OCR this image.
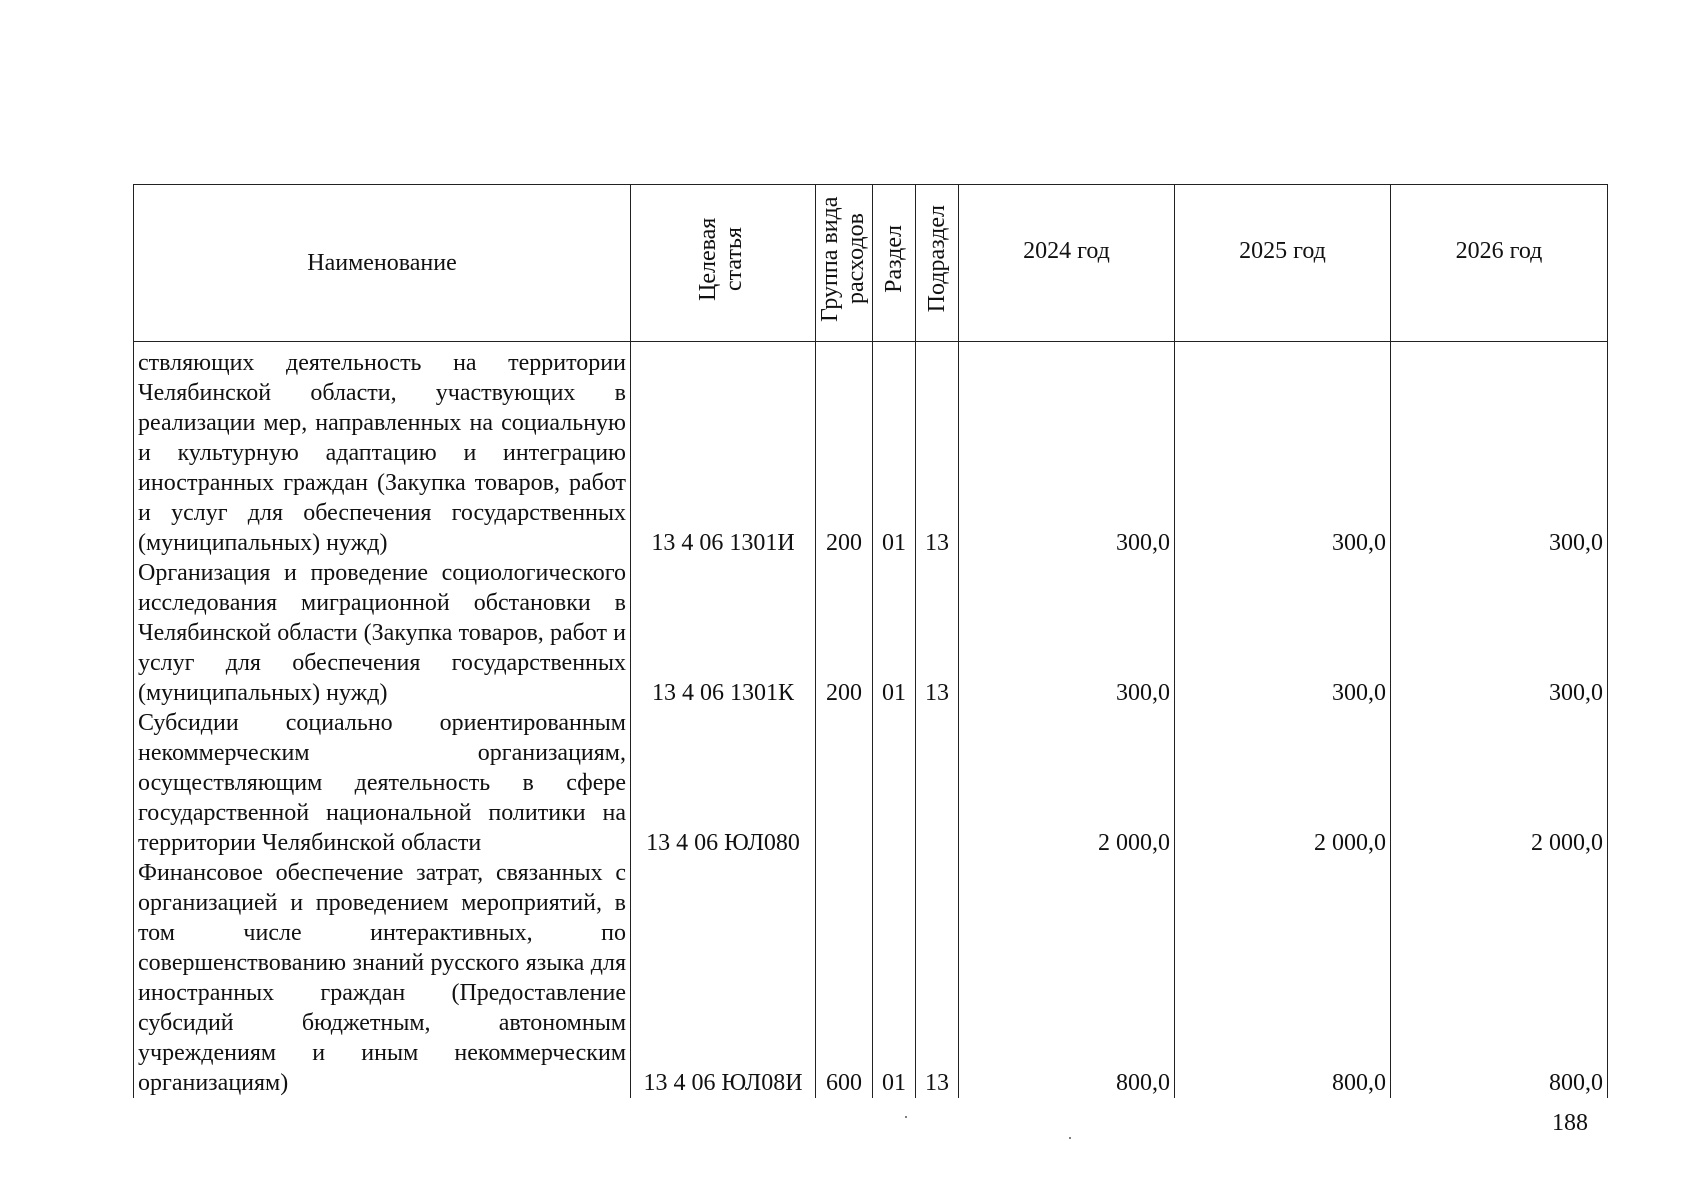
Наименование	Целевая статья	Группа вида расходов	Раздел	Подраздел	2024 год	2025 год	2026 год
ствляющих деятельность на территории Челябинской области, участвующих в реализации мер, направленных на социальную и культурную адаптацию и интеграцию иностранных граждан (Закупка товаров, работ и услуг для обеспечения государственных (муниципальных) нужд)	13 4 06 1301И	200	01	13	300,0	300,0	300,0
Организация и проведение социологического исследования миграционной обстановки в Челябинской области (Закупка товаров, работ и услуг для обеспечения государственных (муниципальных) нужд)	13 4 06 1301К	200	01	13	300,0	300,0	300,0
Субсидии социально ориентированным некоммерческим организациям, осуществляющим деятельность в сфере государственной национальной политики на территории Челябинской области	13 4 06 ЮЛ080				2 000,0	2 000,0	2 000,0
Финансовое обеспечение затрат, связанных с организацией и проведением мероприятий, в том числе интерактивных, по совершенствованию знаний русского языка для иностранных граждан (Предоставление субсидий бюджетным, автономным учреждениям и иным некоммерческим организациям)	13 4 06 ЮЛ08И	600	01	13	800,0	800,0	800,0
188
